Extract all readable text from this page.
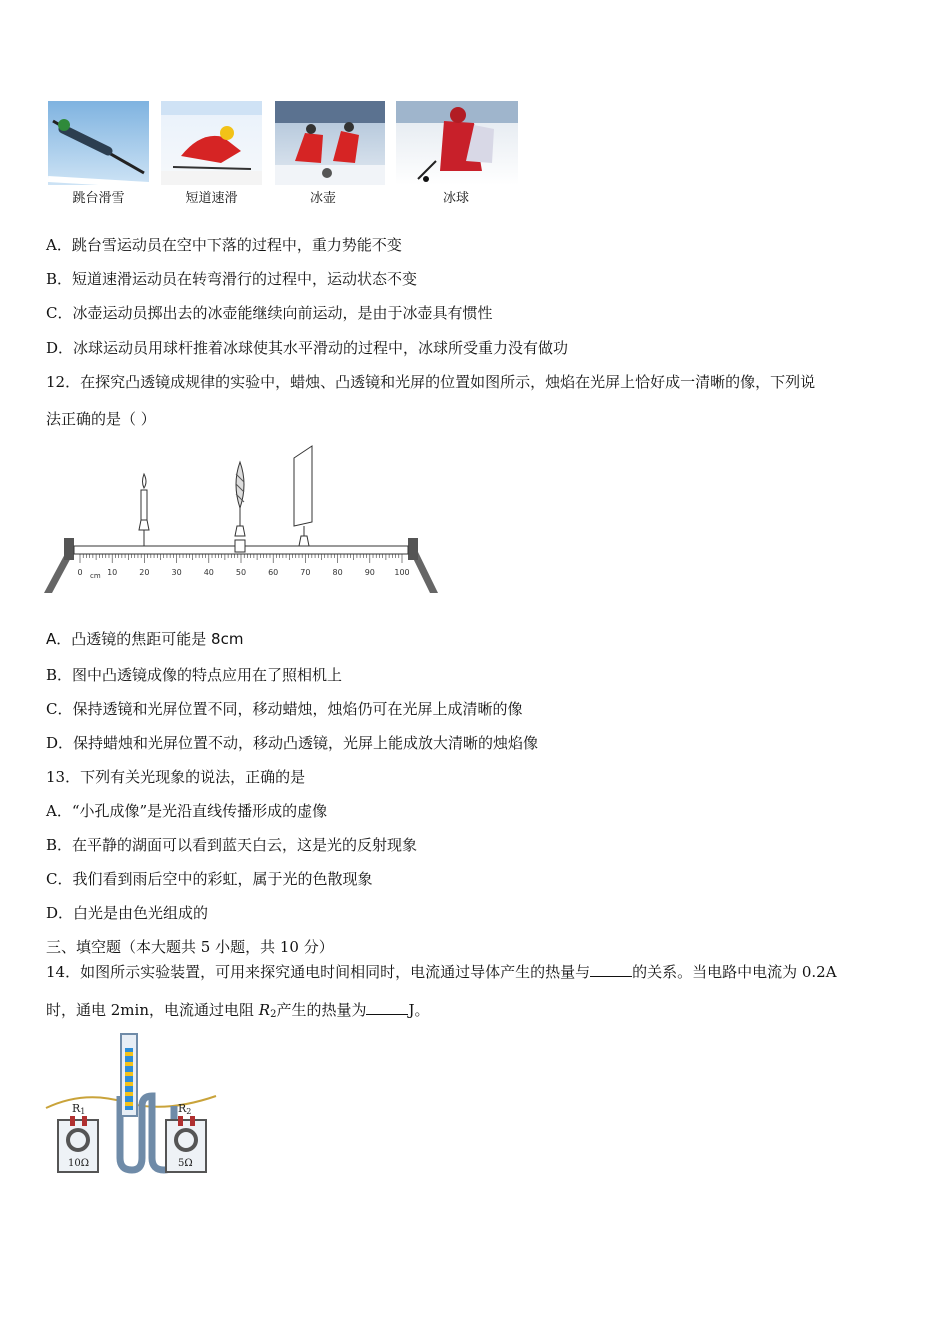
跳台滑雪	短道速滑	冰壶	冰球
A．跳台雪运动员在空中下落的过程中，重力势能不变
B．短道速滑运动员在转弯滑行的过程中，运动状态不变
C．冰壶运动员掷出去的冰壶能继续向前运动，是由于冰壶具有惯性
D．冰球运动员用球杆推着冰球使其水平滑动的过程中，冰球所受重力没有做功
12．在探究凸透镜成规律的实验中，蜡烛、凸透镜和光屏的位置如图所示，烛焰在光屏上恰好成一清晰的像，下列说
法正确的是（ ）
0	10	20	30	40	50	60	70	80	90 100
cm
A．凸透镜的焦距可能是 8cm
B．图中凸透镜成像的特点应用在了照相机上
C．保持透镜和光屏位置不同，移动蜡烛，烛焰仍可在光屏上成清晰的像
D．保持蜡烛和光屏位置不动，移动凸透镜，光屏上能成放大清晰的烛焰像
13．下列有关光现象的说法，正确的是
A．“小孔成像”是光沿直线传播形成的虚像
B．在平静的湖面可以看到蓝天白云，这是光的反射现象
C．我们看到雨后空中的彩虹，属于光的色散现象
D．白光是由色光组成的
三、填空题（本大题共 5 小题，共 10 分）
14．如图所示实验装置，可用来探究通电时间相同时，电流通过导体产生的热量与	的关系。当电路中电流为 0.2A
时，通电 2min，电流通过电阻 $R_2$产生的热量为	J。
R1	R2
10Ω	5Ω
